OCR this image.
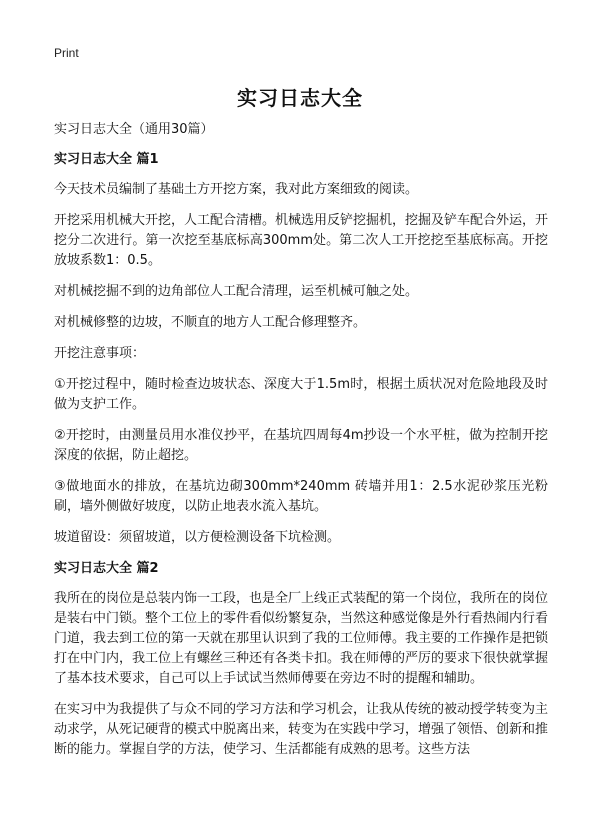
Print
实习日志大全
实习日志大全（通用30篇）
实习日志大全 篇1

今天技术员编制了基础土方开挖方案，我对此方案细致的阅读。

开挖采用机械大开挖，人工配合清槽。机械选用反铲挖掘机，挖掘及铲车配合外运，开挖分二次进行。第一次挖至基底标高300mm处。第二次人工开挖挖至基底标高。开挖放坡系数1：0.5。

对机械挖掘不到的边角部位人工配合清理，运至机械可触之处。

对机械修整的边坡，不顺直的地方人工配合修理整齐。

开挖注意事项：

①开挖过程中，随时检查边坡状态、深度大于1.5m时，根据土质状况对危险地段及时做为支护工作。

②开挖时，由测量员用水准仪抄平，在基坑四周每4m抄设一个水平桩，做为控制开挖深度的依据，防止超挖。

③做地面水的排放，在基坑边砌300mm*240mm 砖墙并用1：2.5水泥砂浆压光粉刷，墙外侧做好坡度，以防止地表水流入基坑。

坡道留设：须留坡道，以方便检测设备下坑检测。

实习日志大全 篇2

我所在的岗位是总装内饰一工段，也是全厂上线正式装配的第一个岗位，我所在的岗位是装右中门锁。整个工位上的零件看似纷繁复杂，当然这种感觉像是外行看热闹内行看门道，我去到工位的第一天就在那里认识到了我的工位师傅。我主要的工作操作是把锁打在中门内，我工位上有螺丝三种还有各类卡扣。我在师傅的严厉的要求下很快就掌握了基本技术要求，自己可以上手试试当然师傅要在旁边不时的提醒和辅助。

在实习中为我提供了与众不同的学习方法和学习机会，让我从传统的被动授学转变为主动求学，从死记硬背的模式中脱离出来，转变为在实践中学习，增强了领悟、创新和推断的能力。掌握自学的方法，使学习、生活都能有成熟的思考。这些方法
